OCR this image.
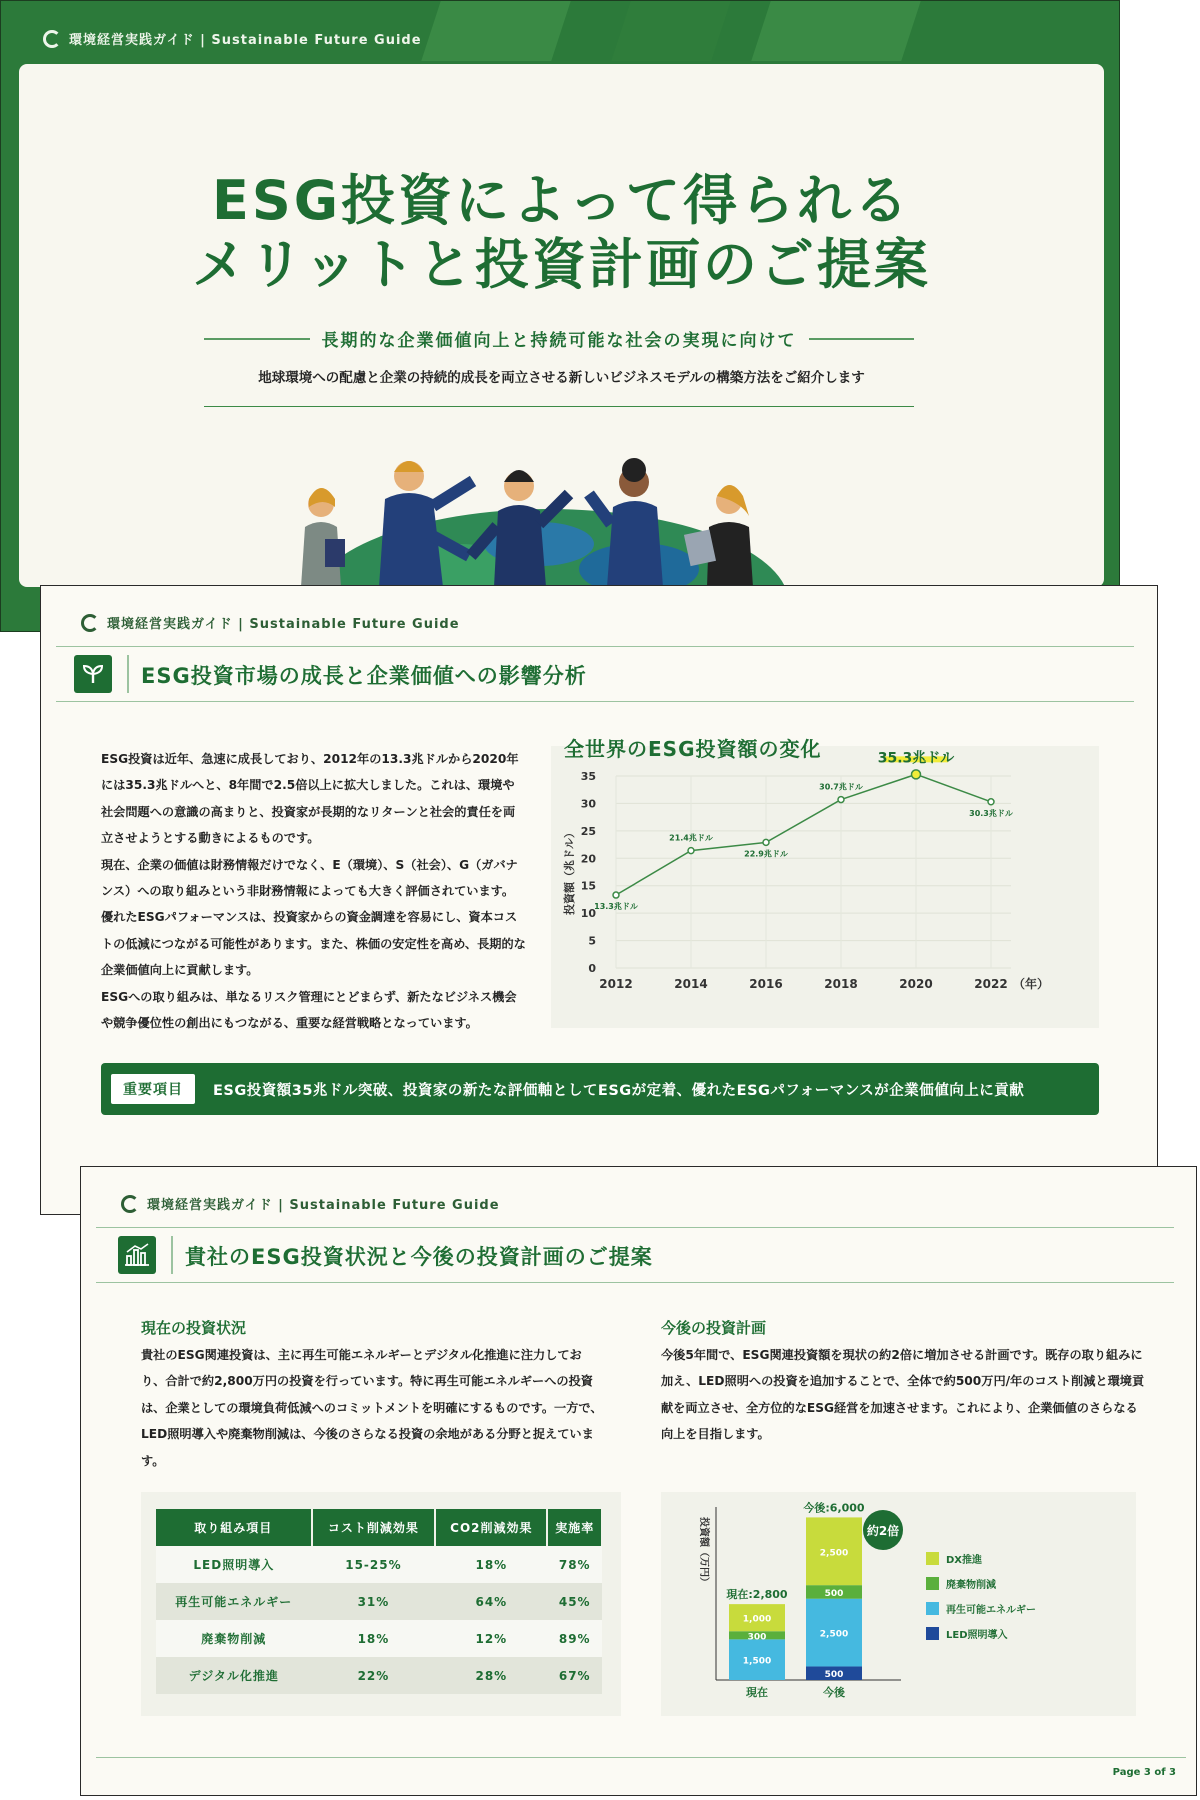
環境経営実践ガイド | Sustainable Future Guide
ESG投資によって得られる
メリットと投資計画のご提案
長期的な企業価値向上と持続可能な社会の実現に向けて
地球環境への配慮と企業の持続的成長を両立させる新しいビジネスモデルの構築方法をご紹介します
環境経営実践ガイド | Sustainable Future Guide
ESG投資市場の成長と企業価値への影響分析

ESG投資は近年、急速に成長しており、2012年の13.3兆ドルから2020年には35.3兆ドルへと、8年間で2.5倍以上に拡大しました。これは、環境や社会問題への意識の高まりと、投資家が長期的なリターンと社会的責任を両立させようとする動きによるものです。

現在、企業の価値は財務情報だけでなく、E（環境）、S（社会）、G（ガバナンス）への取り組みという非財務情報によっても大きく評価されています。優れたESGパフォーマンスは、投資家からの資金調達を容易にし、資本コストの低減につながる可能性があります。また、株価の安定性を高め、長期的な企業価値向上に貢献します。

ESGへの取り組みは、単なるリスク管理にとどまらず、新たなビジネス機会や競争優位性の創出にもつながる、重要な経営戦略となっています。

全世界のESG投資額の変化
0
5
10
15
20
25
30
35
2012	2014	2016	2018	2020	2022 （年）
投資額（兆ドル） 13.3兆ドル
21.4兆ドル
22.9兆ドル
30.7兆ドル
35.3兆ドル
30.3兆ドル
重要項目	ESG投資額35兆ドル突破、投資家の新たな評価軸としてESGが定着、優れたESGパフォーマンスが企業価値向上に貢献
環境経営実践ガイド | Sustainable Future Guide
貴社のESG投資状況と今後の投資計画のご提案
現在の投資状況
貴社のESG関連投資は、主に再生可能エネルギーとデジタル化推進に注力しており、合計で約2,800万円の投資を行っています。特に再生可能エネルギーへの投資は、企業としての環境負荷低減へのコミットメントを明確にするものです。一方で、LED照明導入や廃棄物削減は、今後のさらなる投資の余地がある分野と捉えています。
今後の投資計画
今後5年間で、ESG関連投資額を現状の約2倍に増加させる計画です。既存の取り組みに加え、LED照明への投資を追加することで、全体で約500万円/年のコスト削減と環境貢献を両立させ、全方位的なESG経営を加速させます。これにより、企業価値のさらなる向上を目指します。
取り組み項目	コスト削減効果	CO2削減効果	実施率
LED照明導入	15-25%	18%	78%
再生可能エネルギー	31%	64%	45%
廃棄物削減	18%	12%	89%
デジタル化推進	22%	28%	67%
投資額（万円）
1,500
300
1,000
現在:2,800
現在
500
2,500
500
2,500
今後:6,000
今後
約2倍
DX推進
廃棄物削減
再生可能エネルギー
LED照明導入
Page 3 of 3
